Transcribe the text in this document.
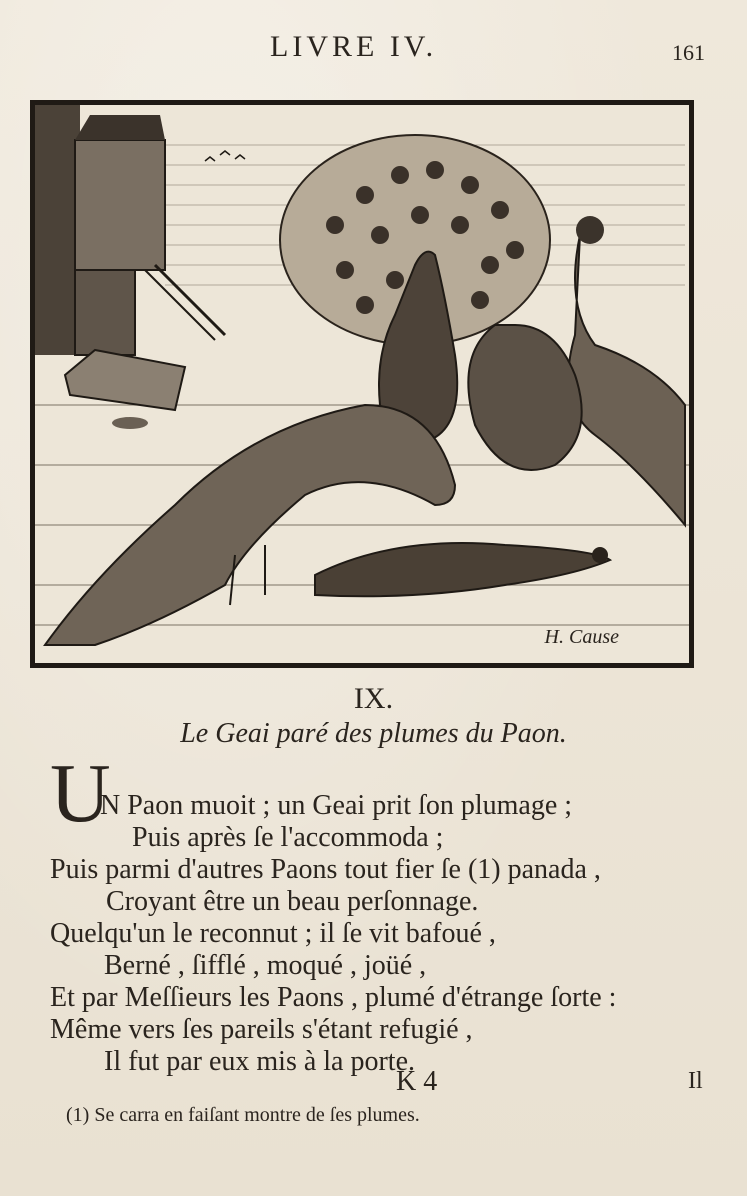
LIVRE IV.	161
H. Cause
IX.
Le Geai paré des plumes du Paon.
U
N Paon muoit ; un Geai prit ſon plumage ;
Puis après ſe l'accommoda ;
Puis parmi d'autres Paons tout fier ſe (1) panada ,
Croyant être un beau perſonnage.
Quelqu'un le reconnut ; il ſe vit bafoué ,
Berné , ſifflé , moqué , joüé ,
Et par Meſſieurs les Paons , plumé d'étrange ſorte :
Même vers ſes pareils s'étant refugié ,
Il fut par eux mis à la porte.
K 4	Il
(1) Se carra en faiſant montre de ſes plumes.
